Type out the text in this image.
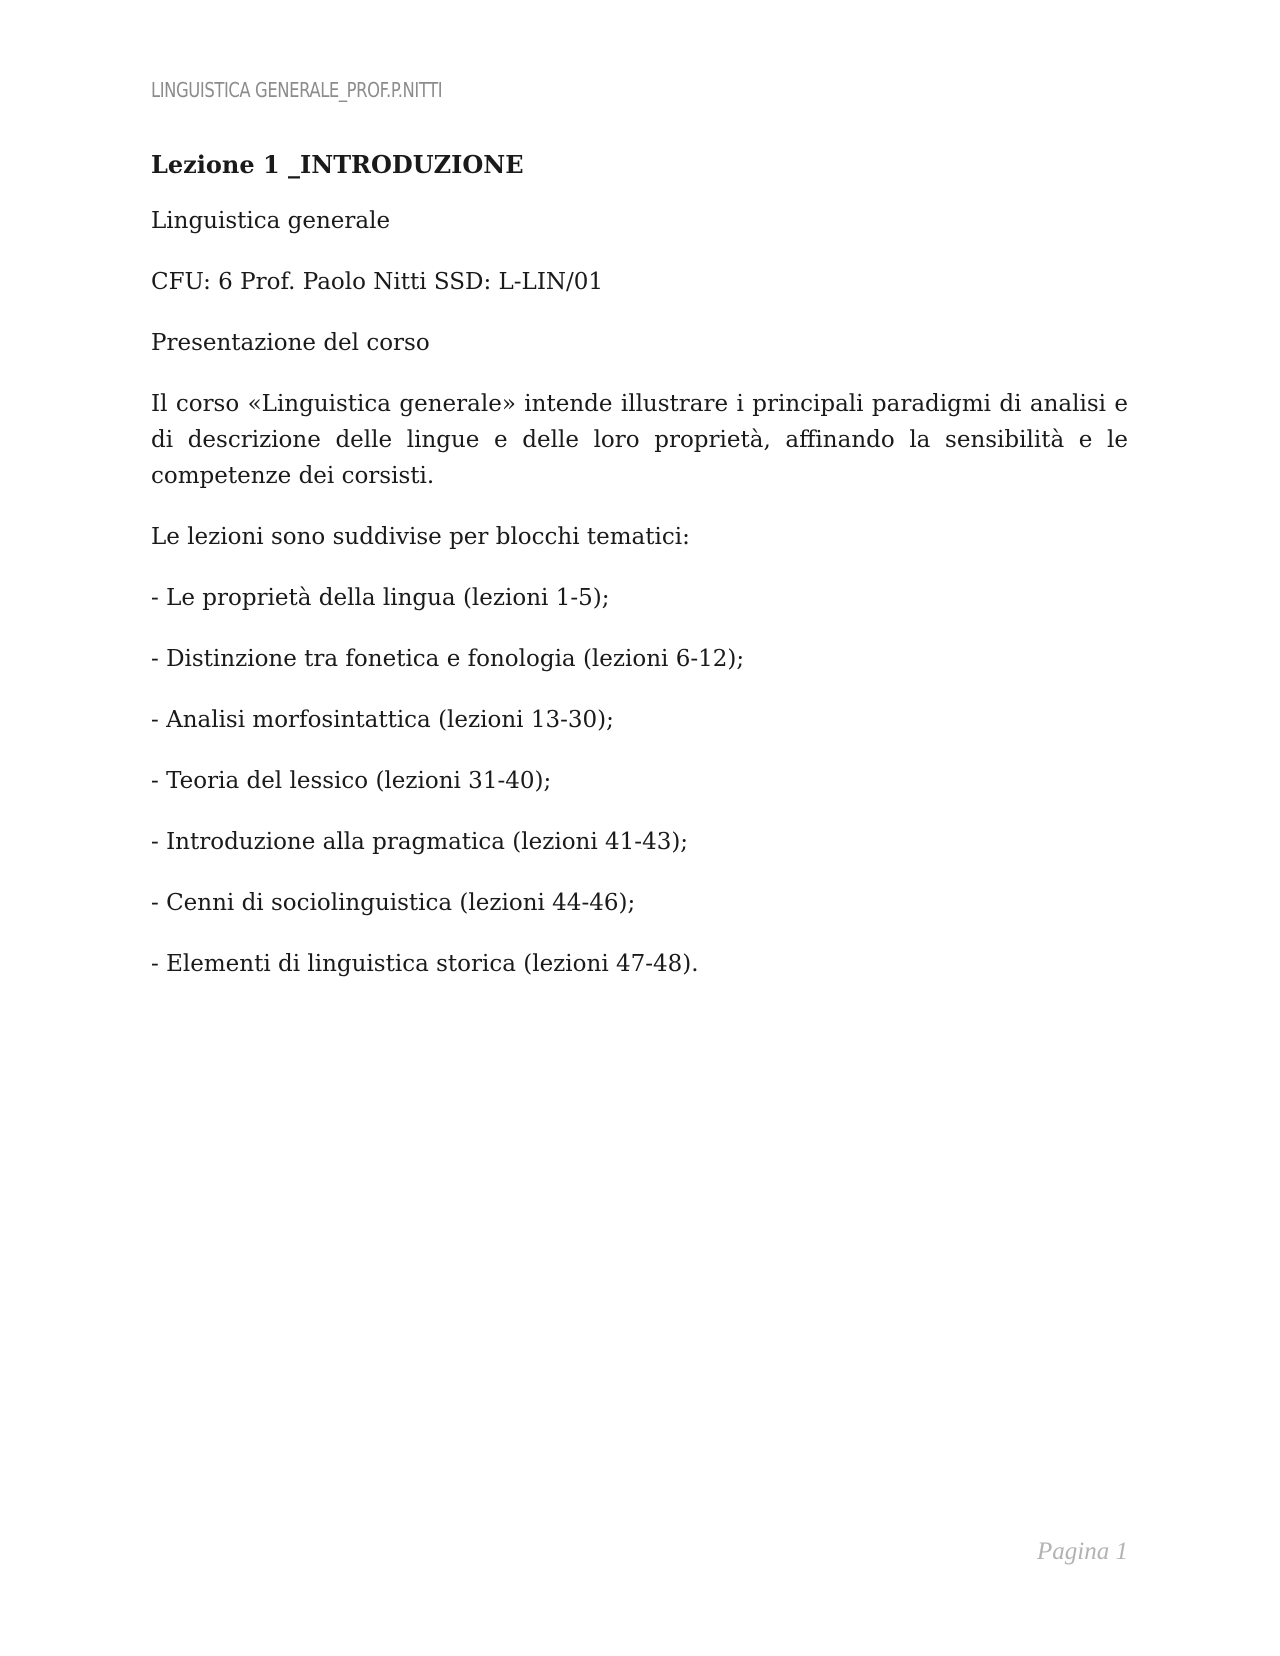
LINGUISTICA GENERALE_PROF.P.NITTI
Lezione 1 _INTRODUZIONE

Linguistica generale

CFU: 6 Prof. Paolo Nitti SSD: L-LIN/01

Presentazione del corso

Il corso «Linguistica generale» intende illustrare i principali paradigmi di analisi e di descrizione delle lingue e delle loro proprietà, affinando la sensibilità e le competenze dei corsisti.

Le lezioni sono suddivise per blocchi tematici:

- Le proprietà della lingua (lezioni 1-5);
- Distinzione tra fonetica e fonologia (lezioni 6-12);
- Analisi morfosintattica (lezioni 13-30);
- Teoria del lessico (lezioni 31-40);
- Introduzione alla pragmatica (lezioni 41-43);
- Cenni di sociolinguistica (lezioni 44-46);
- Elementi di linguistica storica (lezioni 47-48).
Pagina 1
